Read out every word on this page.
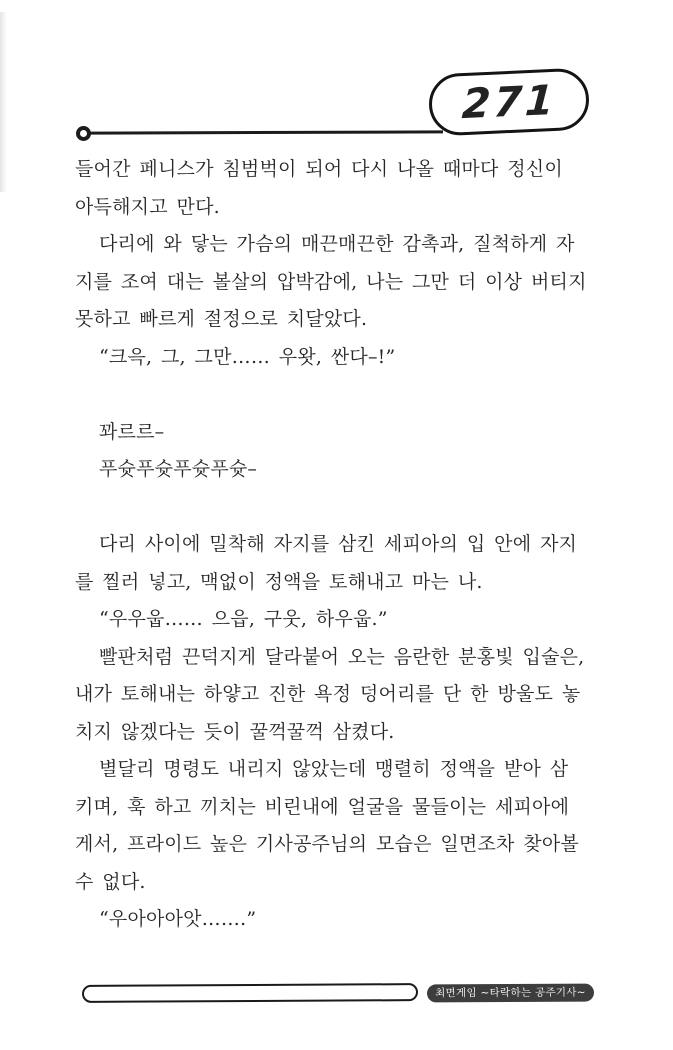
271
들어간 페니스가 침범벅이 되어 다시 나올 때마다 정신이
아득해지고 만다.
다리에 와 닿는 가슴의 매끈매끈한 감촉과, 질척하게 자
지를 조여 대는 볼살의 압박감에, 나는 그만 더 이상 버티지
못하고 빠르게 절정으로 치달았다.
“크윽, 그, 그만…… 우왓, 싼다–!”
꽈르르–
푸슛푸슛푸슛푸슛–
다리 사이에 밀착해 자지를 삼킨 세피아의 입 안에 자지
를 찔러 넣고, 맥없이 정액을 토해내고 마는 나.
“우우웁…… 으읍, 구웃, 하우웁.”
빨판처럼 끈덕지게 달라붙어 오는 음란한 분홍빛 입술은,
내가 토해내는 하얗고 진한 욕정 덩어리를 단 한 방울도 놓
치지 않겠다는 듯이 꿀꺽꿀꺽 삼켰다.
별달리 명령도 내리지 않았는데 맹렬히 정액을 받아 삼
키며, 훅 하고 끼치는 비린내에 얼굴을 물들이는 세피아에
게서, 프라이드 높은 기사공주님의 모습은 일면조차 찾아볼
수 없다.
“우아아아앗…….”
최면게임 ~타락하는 공주기사~
